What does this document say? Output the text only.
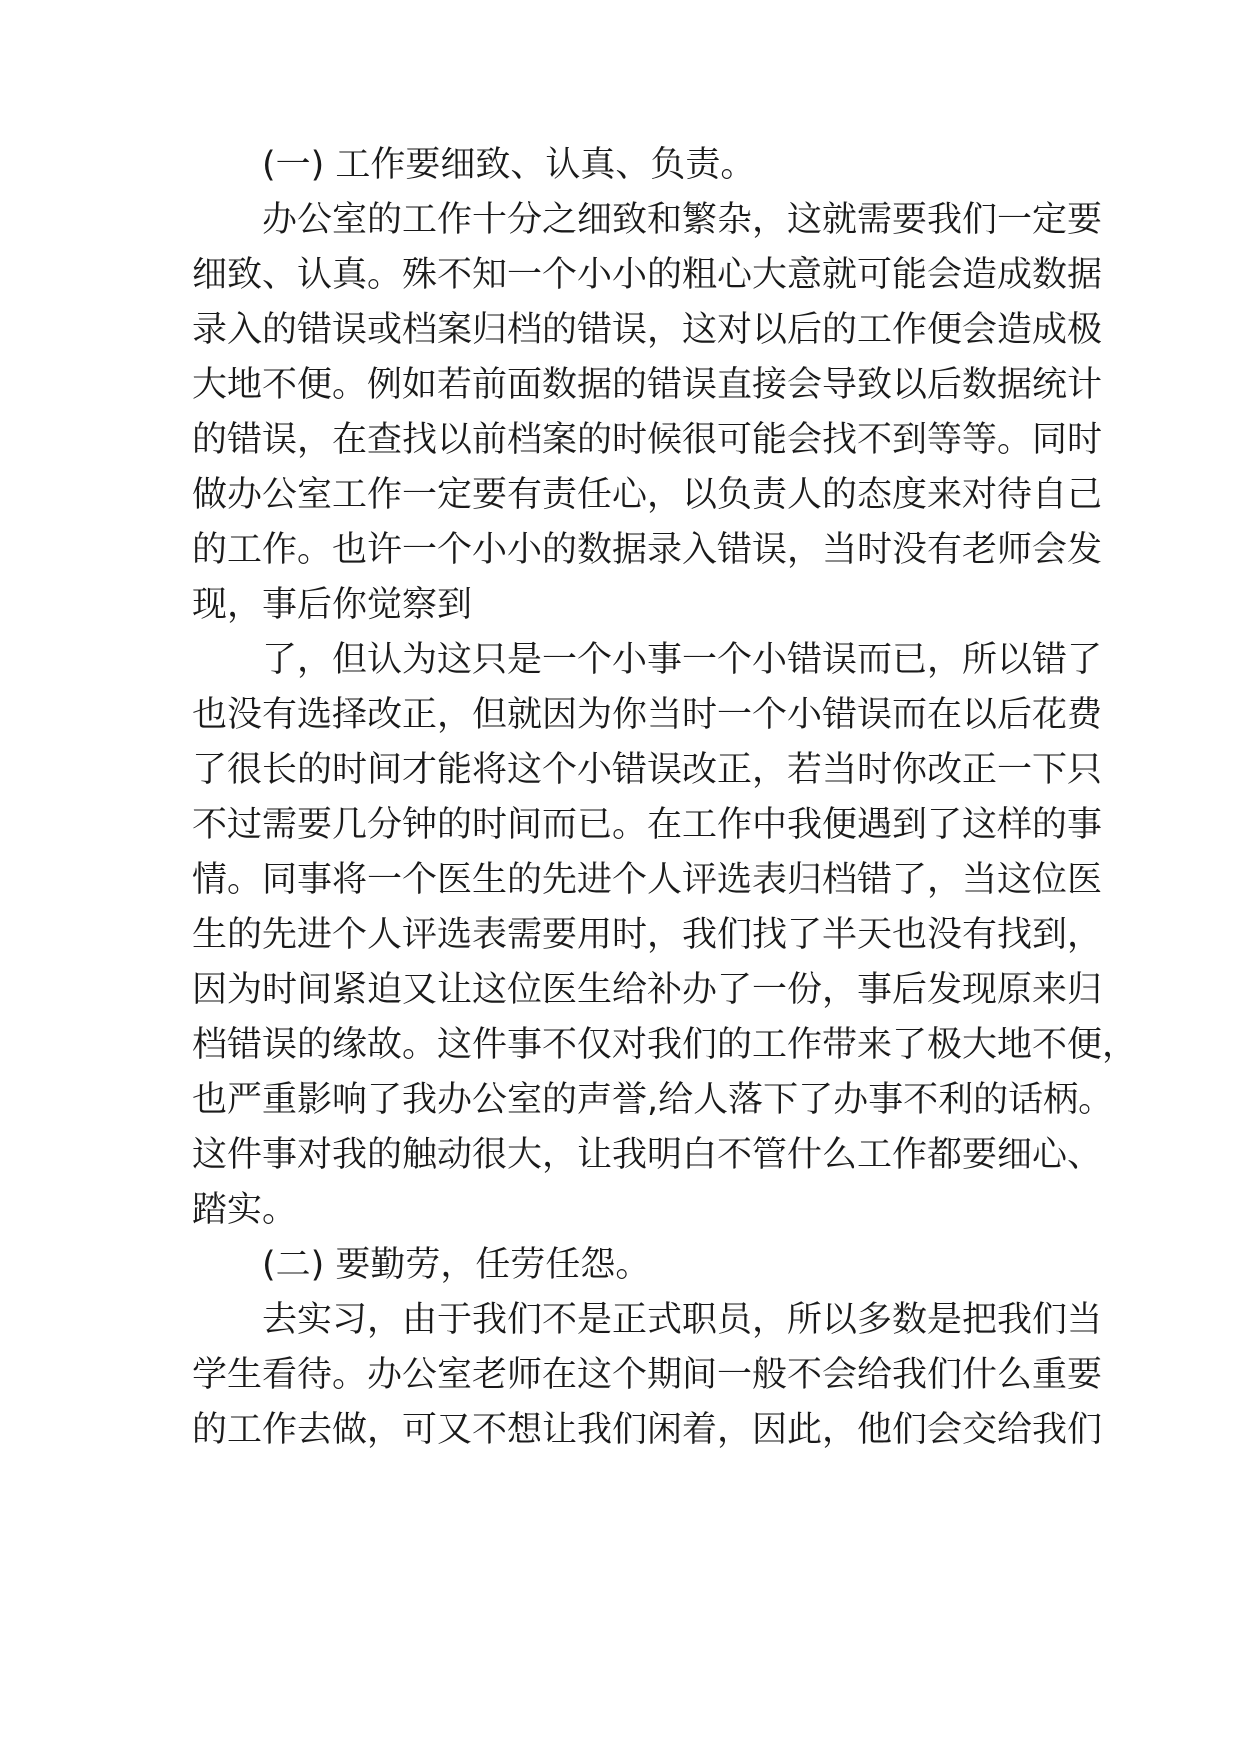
(一) 工作要细致、认真、负责。
办公室的工作十分之细致和繁杂，这就需要我们一定要
细致、认真。殊不知一个小小的粗心大意就可能会造成数据
录入的错误或档案归档的错误，这对以后的工作便会造成极
大地不便。例如若前面数据的错误直接会导致以后数据统计
的错误，在查找以前档案的时候很可能会找不到等等。同时
做办公室工作一定要有责任心，以负责人的态度来对待自己
的工作。也许一个小小的数据录入错误，当时没有老师会发
现，事后你觉察到
了，但认为这只是一个小事一个小错误而已，所以错了
也没有选择改正，但就因为你当时一个小错误而在以后花费
了很长的时间才能将这个小错误改正，若当时你改正一下只
不过需要几分钟的时间而已。在工作中我便遇到了这样的事
情。同事将一个医生的先进个人评选表归档错了，当这位医
生的先进个人评选表需要用时，我们找了半天也没有找到，
因为时间紧迫又让这位医生给补办了一份，事后发现原来归
档错误的缘故。这件事不仅对我们的工作带来了极大地不便，
也严重影响了我办公室的声誉,给人落下了办事不利的话柄。
这件事对我的触动很大，让我明白不管什么工作都要细心、
踏实。
(二) 要勤劳，任劳任怨。
去实习，由于我们不是正式职员，所以多数是把我们当
学生看待。办公室老师在这个期间一般不会给我们什么重要
的工作去做，可又不想让我们闲着，因此，他们会交给我们
